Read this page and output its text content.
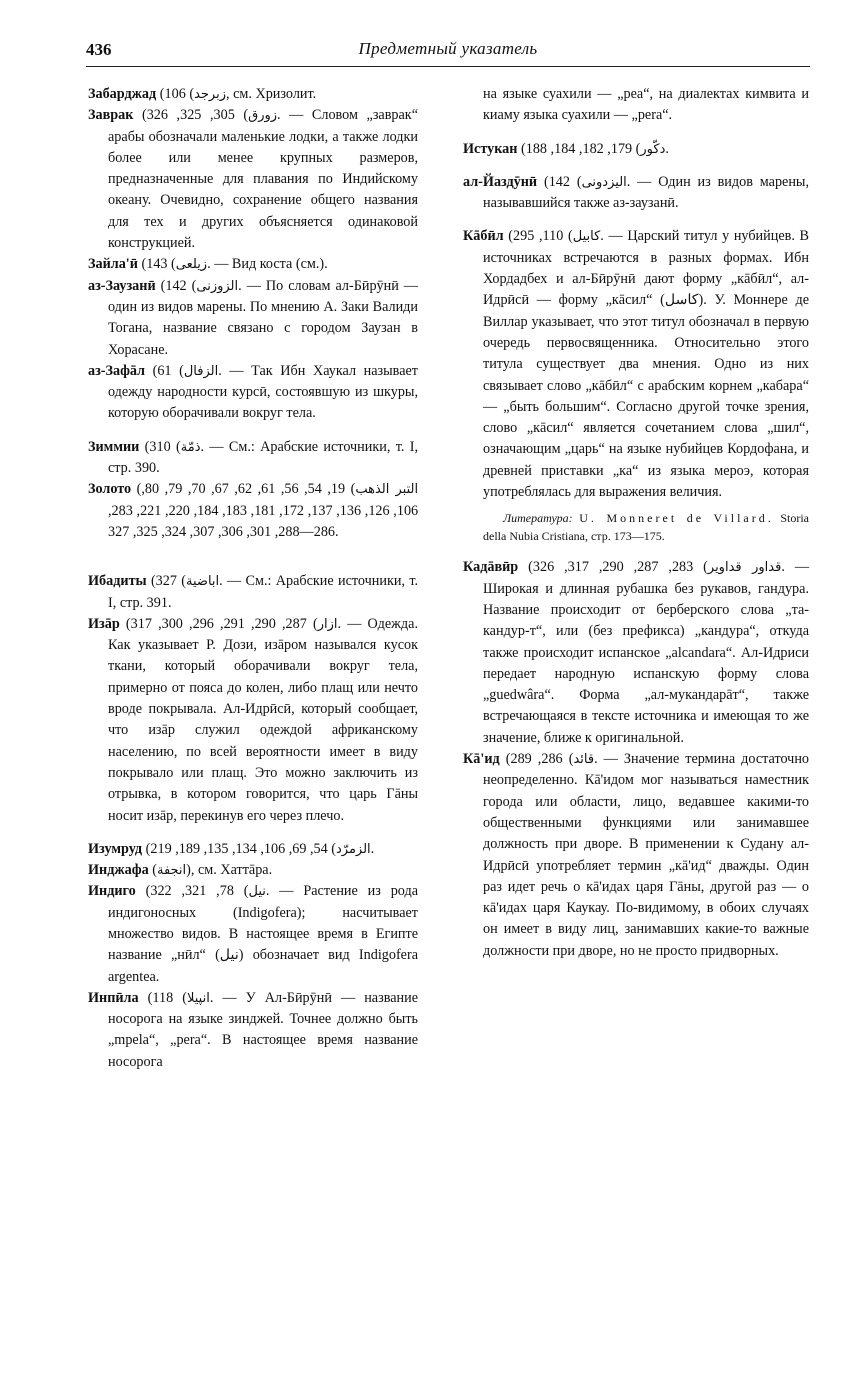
436	Предметный указатель

Забарджад ( زبرجد) 106, см. Хризолит.

Заврак (	زورق) 305, 325, 326. — Словом „заврак“ арабы обозначали маленькие лодки, а также лодки более или менее крупных размеров, предназначенные для плавания по Индийскому океану. Очевидно, сохранение общего названия для тех и других объясняется одинаковой конструкцией.

Зайла'ӣ ( زيلعى) 143. — Вид коста (см.).

аз-Заузанӣ ( الزوزنى) 142. — По словам ал-Бӣрӯнӣ — один из видов марены. По мнению А. Заки Валиди Тогана, название связано с городом Заузан в Хорасане.

аз-Зафāл ( الزفال) 61. — Так Ибн Хаукал называет одежду народности курсӣ, состоявшую из шкуры, которую оборачивали вокруг тела.

Зиммии ( ذمّة) 310. — См.: Арабские источники, т. I, стр. 390.

Золото (	التبر الذهب) 19, 54, 56, 61, 62, 67, 70, 79, 80, 106, 126, 136, 137, 172, 181, 183, 184, 220, 221, 283, 286—288, 301, 306, 307, 324, 325, 327.

Ибадиты ( اباضية) 327. — См.: Арабские источники, т. I, стр. 391.

Изāр (	ازار) 287, 290, 291, 296, 300, 317. — Одежда. Как указывает Р. Дози, изāром назывался кусок ткани, который оборачивали вокруг тела, примерно от пояса до колен, либо плащ или нечто вроде покрывала. Ал-Идрӣсӣ, который сообщает, что изāр служил одеждой африканскому населению, по всей вероятности имеет в виду покрывало или плащ. Это можно заключить из отрывка, в котором говорится, что царь Гāны носит изāр, перекинув его через плечо.

Изумруд (	الزمرّد) 54, 69, 106, 134, 135, 189, 219.

Инджафа (انجفة), см. Хаттāра.

Индиго (	نيل) 78, 321, 322. — Растение из рода индигоносных (Indigofera); насчитывает множество видов. В настоящее время в Египте название „нӣл“ (نيل) обозначает вид Indigofera argentea.

Инпӣла (	انپيلا) 118. — У Ал-Бӣрӯнӣ — название носорога на языке зинджей. Точнее должно быть „mpela“, „pera“. В настоящее время название носорога

на языке суахили — „pea“, на диалектах кимвита и киаму языка суахили — „pera“.

Истукан (	دكّور) 179, 182, 184, 188.

ал-Йаздӯнӣ (	اليزدونى) 142. — Один из видов марены, называвшийся также аз-заузанӣ.

Кāбӣл (	كابيل) 110, 295. — Царский титул у нубийцев. В источниках встречаются в разных формах. Ибн Хордадбех и ал-Бӣрӯнӣ дают форму „кāбӣл“, ал-Идрӣсӣ — форму „кāсил“ (كاسل). У. Моннере де Виллар указывает, что этот титул обозначал в первую очередь первосвященника. Относительно этого титула существует два мнения. Одно из них связывает слово „кāбӣл“ с арабским корнем „кабара“ — „быть большим“. Согласно другой точке зрения, слово „кāсил“ является сочетанием слова „шил“, означающим „царь“ на языке нубийцев Кордофана, и древней приставки „ка“ из языка мероэ, которая употреблялась для выражения величия.

Литература: U. Monneret de Villard. Storia della Nubia Cristiana, стр. 173—175.

Кадāвӣр (	قداور قداوير) 283, 287, 290, 317, 326. — Широкая и длинная рубашка без рукавов, гандура. Название происходит от берберского слова „та-кандур-т“, или (без префикса) „кандура“, откуда также происходит испанское „alcandara“. Ал-Идриси передает народную испанскую форму слова „guedwâra“. Форма „ал-мукандарāт“, также встречающаяся в тексте источника и имеющая то же значение, ближе к оригинальной.

Кā'ид (	قائد) 286, 289. — Значение термина достаточно неопределенно. Кā'идом мог называться наместник города или области, лицо, ведавшее какими-то общественными функциями или занимавшее должность при дворе. В применении к Судану ал-Идрӣсӣ употребляет термин „кā'ид“ дважды. Один раз идет речь о кā'идах царя Гāны, другой раз — о кā'идах царя Каукау. По-видимому, в обоих случаях он имеет в виду лиц, занимавших какие-то важные должности при дворе, но не просто придворных.
